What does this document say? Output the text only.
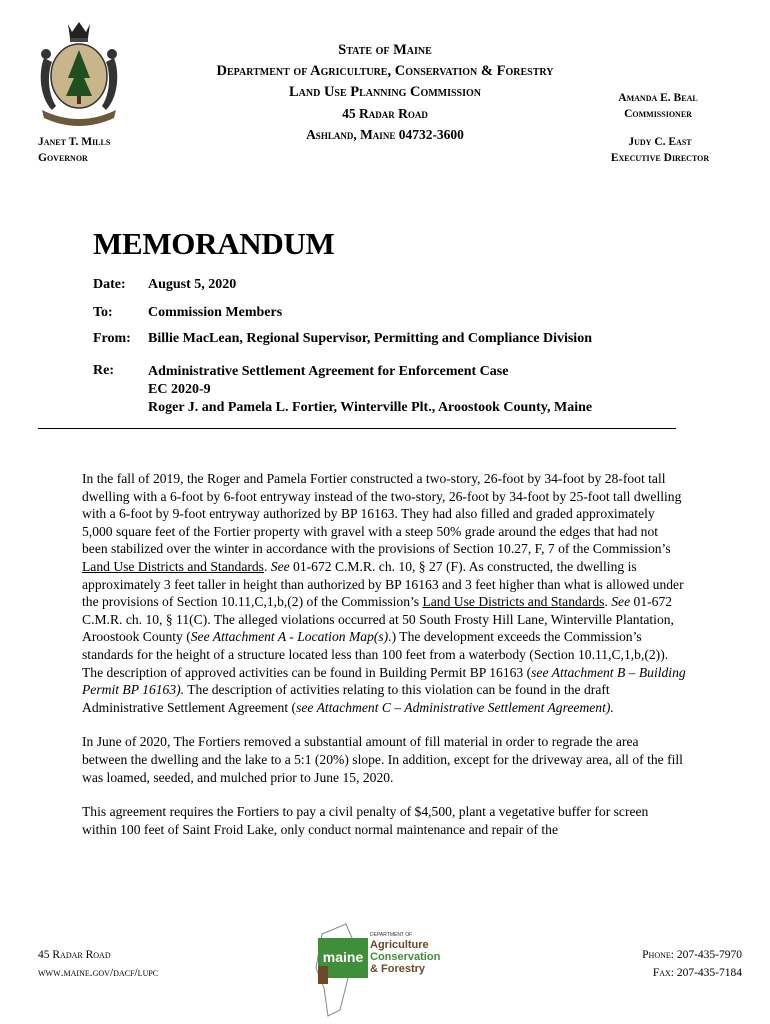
State of Maine
Department of Agriculture, Conservation & Forestry
Land Use Planning Commission
45 Radar Road
Ashland, Maine 04732-3600
Janet T. Mills
Governor
Amanda E. Beal
Commissioner
Judy C. East
Executive Director
MEMORANDUM
Date: August 5, 2020
To:	Commission Members
From: Billie MacLean, Regional Supervisor, Permitting and Compliance Division
Re: Administrative Settlement Agreement for Enforcement Case
EC 2020-9
Roger J. and Pamela L. Fortier, Winterville Plt., Aroostook County, Maine

In the fall of 2019, the Roger and Pamela Fortier constructed a two-story, 26-foot by 34-foot by 28-foot tall dwelling with a 6-foot by 6-foot entryway instead of the two-story, 26-foot by 34-foot by 25-foot tall dwelling with a 6-foot by 9-foot entryway authorized by BP 16163. They had also filled and graded approximately 5,000 square feet of the Fortier property with gravel with a steep 50% grade around the edges that had not been stabilized over the winter in accordance with the provisions of Section 10.27, F, 7 of the Commission’s Land Use Districts and Standards. See 01-672 C.M.R. ch. 10, § 27 (F). As constructed, the dwelling is approximately 3 feet taller in height than authorized by BP 16163 and 3 feet higher than what is allowed under the provisions of Section 10.11,C,1,b,(2) of the Commission’s Land Use Districts and Standards. See 01-672 C.M.R. ch. 10, § 11(C). The alleged violations occurred at 50 South Frosty Hill Lane, Winterville Plantation, Aroostook County (See Attachment A - Location Map(s).) The development exceeds the Commission’s standards for the height of a structure located less than 100 feet from a waterbody (Section 10.11,C,1,b,(2)). The description of approved activities can be found in Building Permit BP 16163 (see Attachment B – Building Permit BP 16163). The description of activities relating to this violation can be found in the draft Administrative Settlement Agreement (see Attachment C – Administrative Settlement Agreement).

In June of 2020, The Fortiers removed a substantial amount of fill material in order to regrade the area between the dwelling and the lake to a 5:1 (20%) slope. In addition, except for the driveway area, all of the fill was loamed, seeded, and mulched prior to June 15, 2020.

This agreement requires the Fortiers to pay a civil penalty of $4,500, plant a vegetative buffer for screen within 100 feet of Saint Froid Lake, only conduct normal maintenance and repair of the

45 Radar Road
www.maine.gov/dacf/lupc
maine
DEPARTMENT OF
Agriculture
Conservation
& Forestry
Phone: 207-435-7970
Fax: 207-435-7184
